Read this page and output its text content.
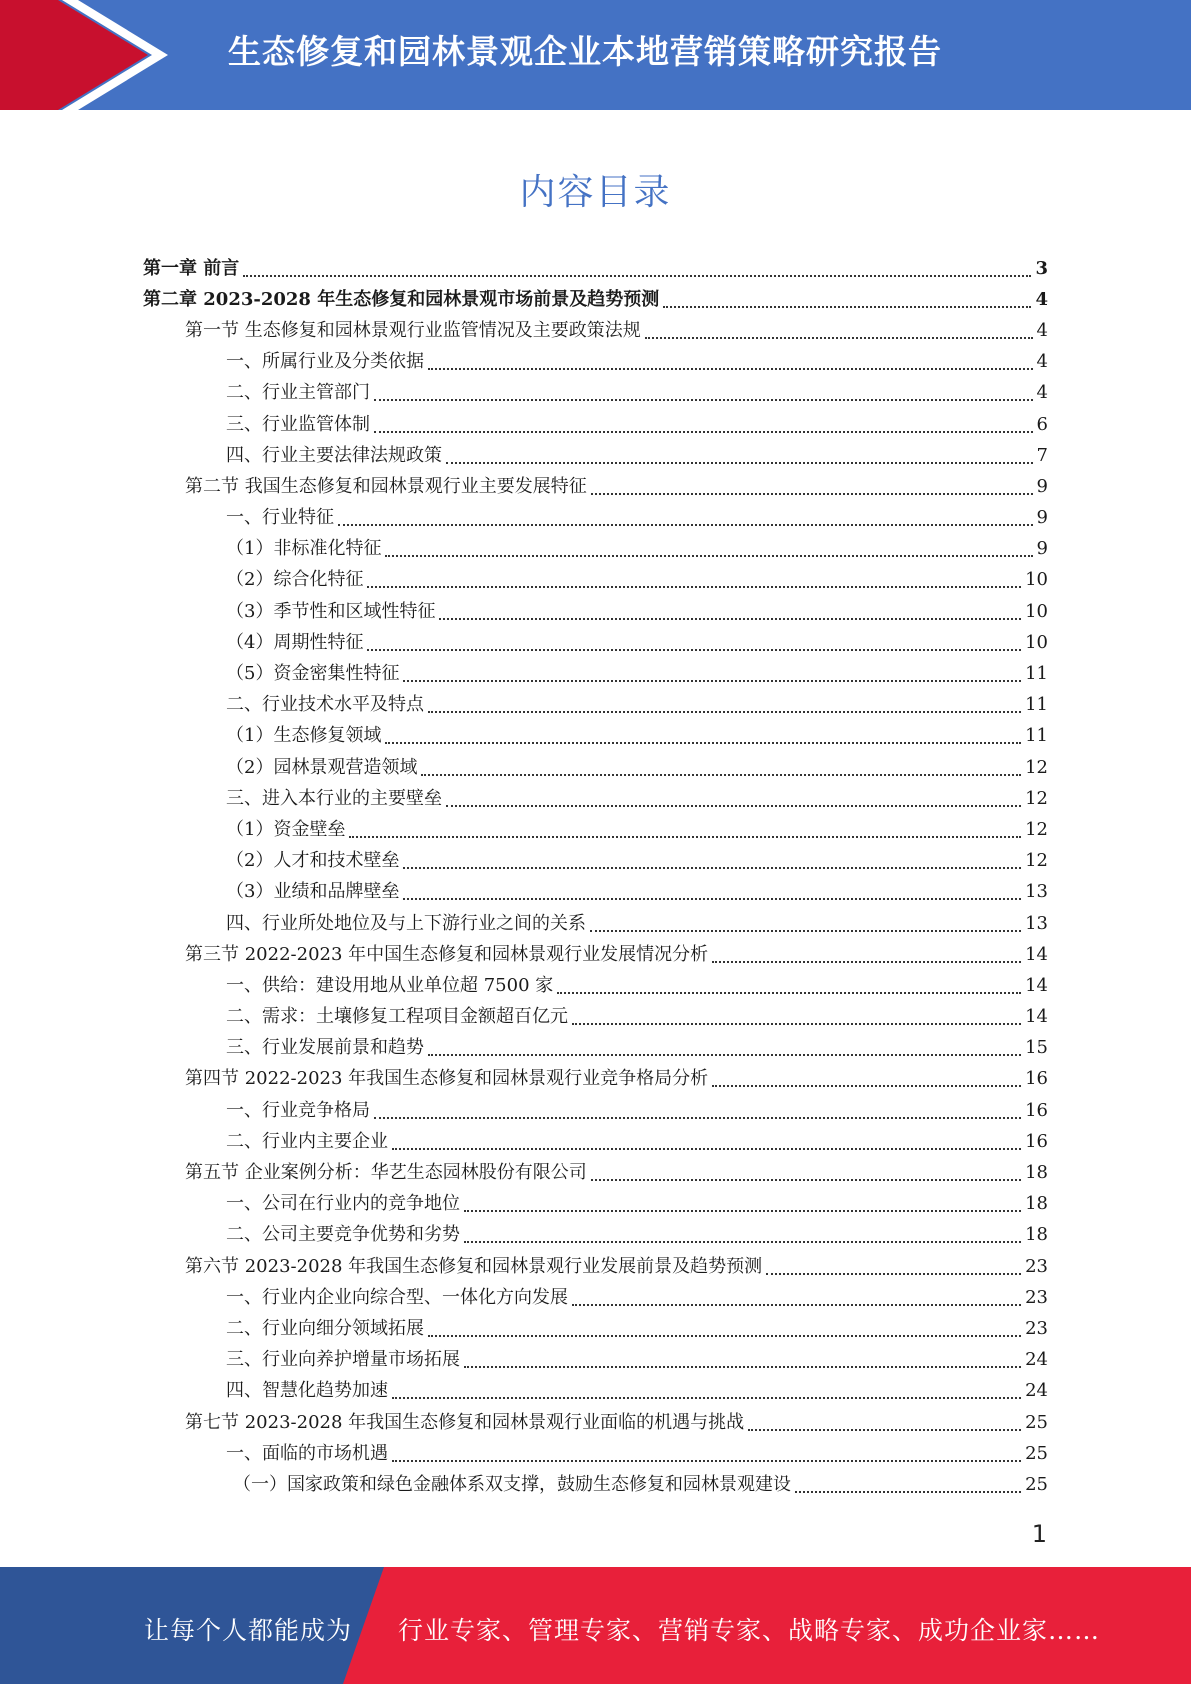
生态修复和园林景观企业本地营销策略研究报告
内容目录
第一章 前言	3
第二章 2023-2028 年生态修复和园林景观市场前景及趋势预测	4
第一节 生态修复和园林景观行业监管情况及主要政策法规	4
一、所属行业及分类依据	4
二、行业主管部门	4
三、行业监管体制	6
四、行业主要法律法规政策	7
第二节 我国生态修复和园林景观行业主要发展特征	9
一、行业特征	9
（1）非标准化特征	9
（2）综合化特征	10
（3）季节性和区域性特征	10
（4）周期性特征	10
（5）资金密集性特征	11
二、行业技术水平及特点	11
（1）生态修复领域	11
（2）园林景观营造领域	12
三、进入本行业的主要壁垒	12
（1）资金壁垒	12
（2）人才和技术壁垒	12
（3）业绩和品牌壁垒	13
四、行业所处地位及与上下游行业之间的关系	13
第三节 2022-2023 年中国生态修复和园林景观行业发展情况分析	14
一、供给：建设用地从业单位超 7500 家	14
二、需求：土壤修复工程项目金额超百亿元	14
三、行业发展前景和趋势	15
第四节 2022-2023 年我国生态修复和园林景观行业竞争格局分析	16
一、行业竞争格局	16
二、行业内主要企业	16
第五节 企业案例分析：华艺生态园林股份有限公司	18
一、公司在行业内的竞争地位	18
二、公司主要竞争优势和劣势	18
第六节 2023-2028 年我国生态修复和园林景观行业发展前景及趋势预测	23
一、行业内企业向综合型、一体化方向发展	23
二、行业向细分领域拓展	23
三、行业向养护增量市场拓展	24
四、智慧化趋势加速	24
第七节 2023-2028 年我国生态修复和园林景观行业面临的机遇与挑战	25
一、面临的市场机遇	25
（一）国家政策和绿色金融体系双支撑，鼓励生态修复和园林景观建设	25
1
让每个人都能成为 行业专家、管理专家、营销专家、战略专家、成功企业家……
